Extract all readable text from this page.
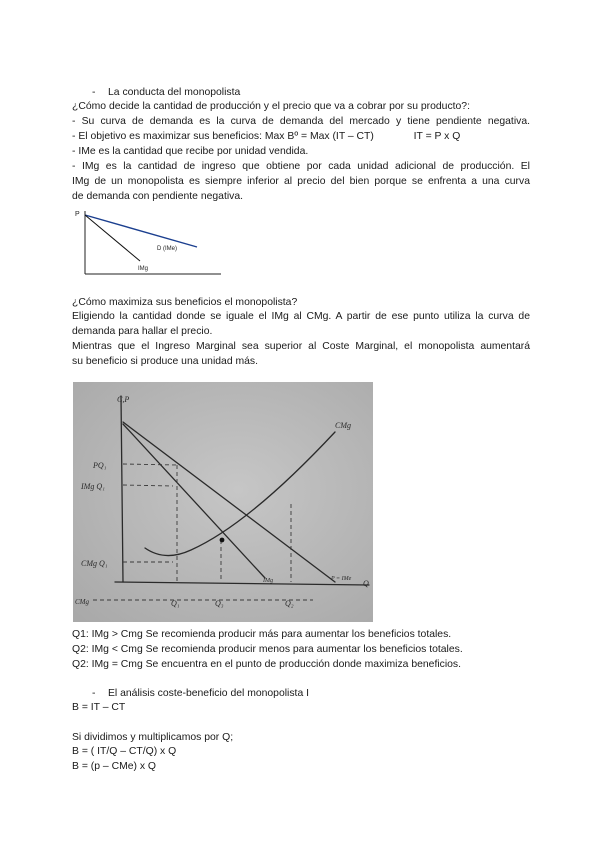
- La conducta del monopolista
¿Cómo decide la cantidad de producción y el precio que va a cobrar por su producto?:
- Su curva de demanda es la curva de demanda del mercado y tiene pendiente negativa.
- El objetivo es maximizar sus beneficios: Max Bº = Max (IT – CT)	IT = P x Q
- IMe es la cantidad que recibe por unidad vendida.
- IMg es la cantidad de ingreso que obtiene por cada unidad adicional de producción. El
IMg de un monopolista es siempre inferior al precio del bien porque se enfrenta a una curva
de demanda con pendiente negativa.
P
D (IMe)
IMg
¿Cómo maximiza sus beneficios el monopolista?
Eligiendo la cantidad donde se iguale el IMg al CMg. A partir de ese punto utiliza la curva de
demanda para hallar el precio.
Mientras que el Ingreso Marginal sea superior al Coste Marginal, el monopolista aumentará
su beneficio si produce una unidad más.
C,P
CMg
PQ₁
IMg Q₁
CMg Q₁
CMg
IMg	P = IMe Q
Q₁	Q₃	Q₂
Q1: IMg > Cmg Se recomienda producir más para aumentar los beneficios totales.
Q2: IMg < Cmg Se recomienda producir menos para aumentar los beneficios totales.
Q2: IMg = Cmg Se encuentra en el punto de producción donde maximiza beneficios.
- El análisis coste-beneficio del monopolista I
B = IT – CT
Si dividimos y multiplicamos por Q;
B = ( IT/Q – CT/Q) x Q
B = (p – CMe) x Q
